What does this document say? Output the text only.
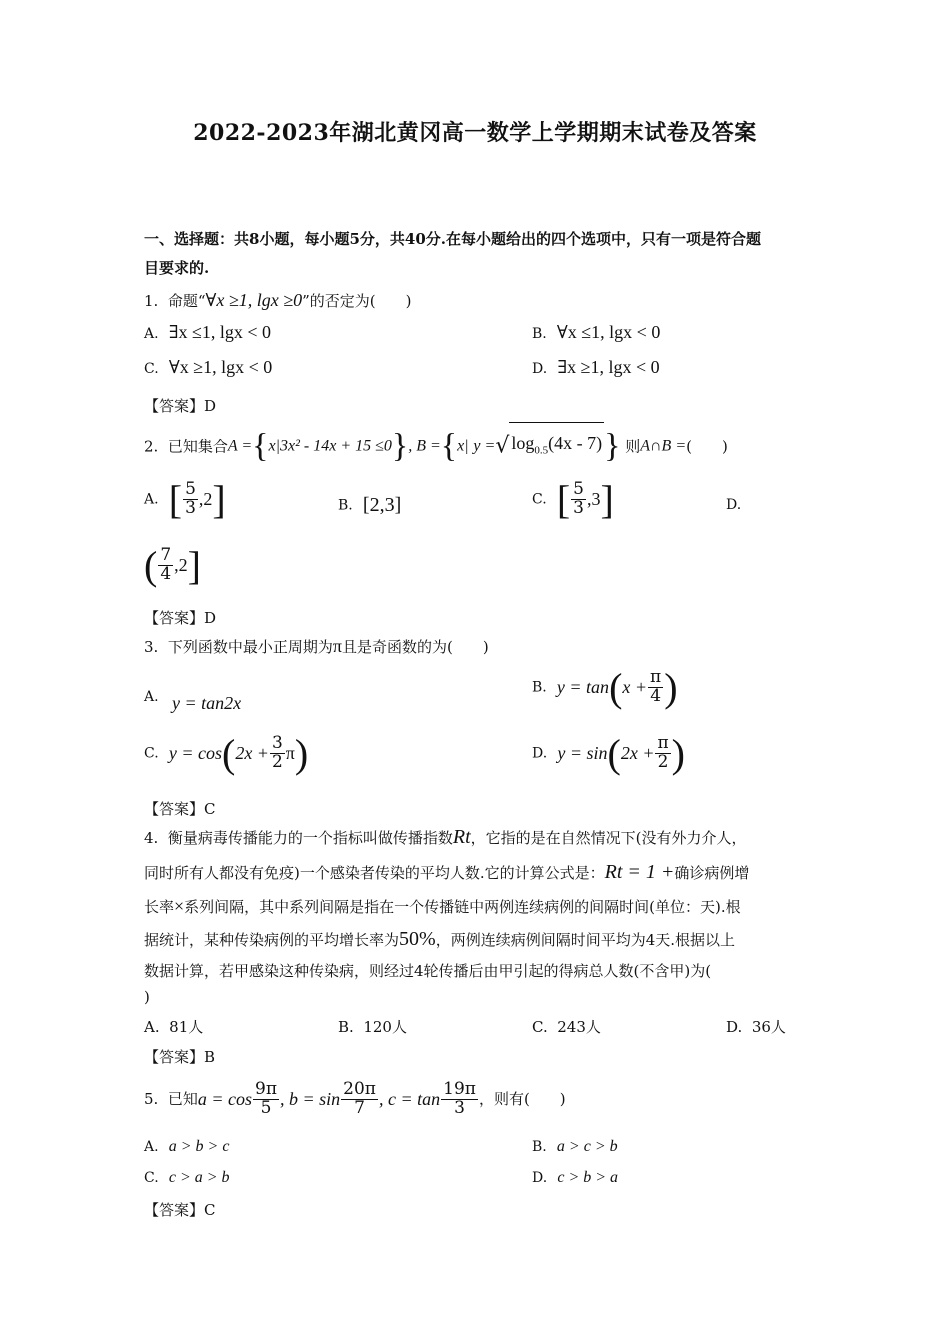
2022-2023年湖北黄冈高一数学上学期期末试卷及答案
一、选择题：共8小题，每小题5分，共40分.在每小题给出的四个选项中，只有一项是符合题
目要求的.
1. 命题“∀x ≥1, lgx ≥0”的否定为(　　)
A. ∃x ≤1, lgx < 0	B. ∀x ≤1, lgx < 0
C. ∀x ≥1, lgx < 0	D. ∃x ≥1, lgx < 0
【答案】D
2. 已知集合A ={x|3x² - 14x + 15 ≤0}, B ={x| y =√ $\log_{0.5}(4x - 7)$} 则A∩B =(　　)
A. [ $\frac{5}{3} ,2$]	B. [2,3]	C. [ $\frac{5}{3} ,3$]	D.
( $\frac{7}{4} ,2$]
【答案】D
3. 下列函数中最小正周期为π且是奇函数的为(　　)
A. y = tan2x
B. $y = \tan(x + \frac{\pi}{4}$ )
C. $y = \cos(2x + \frac{3}{2} \pi)$	D. $y = \sin(2x + \frac{\pi}{2}$ )
【答案】C
4. 衡量病毒传播能力的一个指标叫做传播指数Rt，它指的是在自然情况下(没有外力介人，
同时所有人都没有免疫)一个感染者传染的平均人数.它的计算公式是：Rt = 1 +确诊病例增
长率×系列间隔，其中系列间隔是指在一个传播链中两例连续病例的间隔时间(单位：天).根
据统计，某种传染病例的平均增长率为50%，两例连续病例间隔时间平均为4天.根据以上
数据计算，若甲感染这种传染病，则经过4轮传播后由甲引起的得病总人数(不含甲)为(
)
A. 81人	B. 120人	C. 243人	D. 36人
【答案】B
5. 已知$a = \cos \frac{9\pi}{5}$ , $b = \sin \frac{20\pi}{7}$ , $c = \tan \frac{19\pi}{3}$ ，则有(　　)
A. a > b > c	B. a > c > b
C. c > a > b	D. c > b > a
【答案】C
